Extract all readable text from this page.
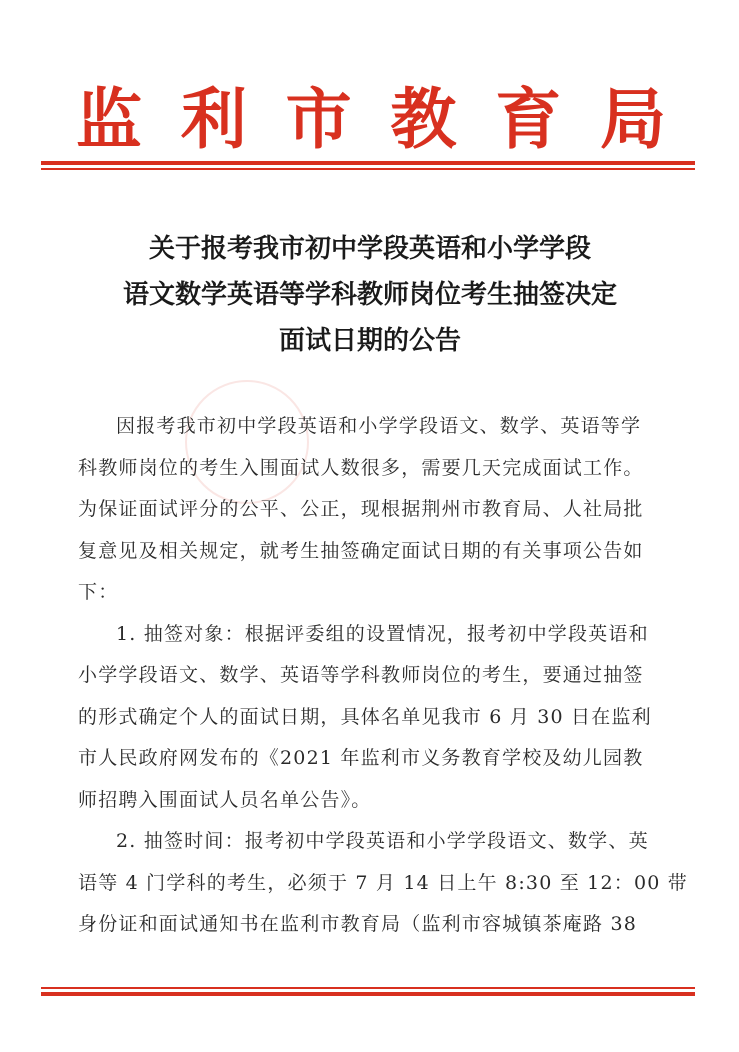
监 利 市 教 育 局
关于报考我市初中学段英语和小学学段
语文数学英语等学科教师岗位考生抽签决定
面试日期的公告
因报考我市初中学段英语和小学学段语文、数学、英语等学
科教师岗位的考生入围面试人数很多，需要几天完成面试工作。
为保证面试评分的公平、公正，现根据荆州市教育局、人社局批
复意见及相关规定，就考生抽签确定面试日期的有关事项公告如
下：
1. 抽签对象：根据评委组的设置情况，报考初中学段英语和
小学学段语文、数学、英语等学科教师岗位的考生，要通过抽签
的形式确定个人的面试日期，具体名单见我市 6 月 30 日在监利
市人民政府网发布的《2021 年监利市义务教育学校及幼儿园教
师招聘入围面试人员名单公告》。
2. 抽签时间：报考初中学段英语和小学学段语文、数学、英
语等 4 门学科的考生，必须于 7 月 14 日上午 8:30 至 12：00 带
身份证和面试通知书在监利市教育局（监利市容城镇茶庵路 38
